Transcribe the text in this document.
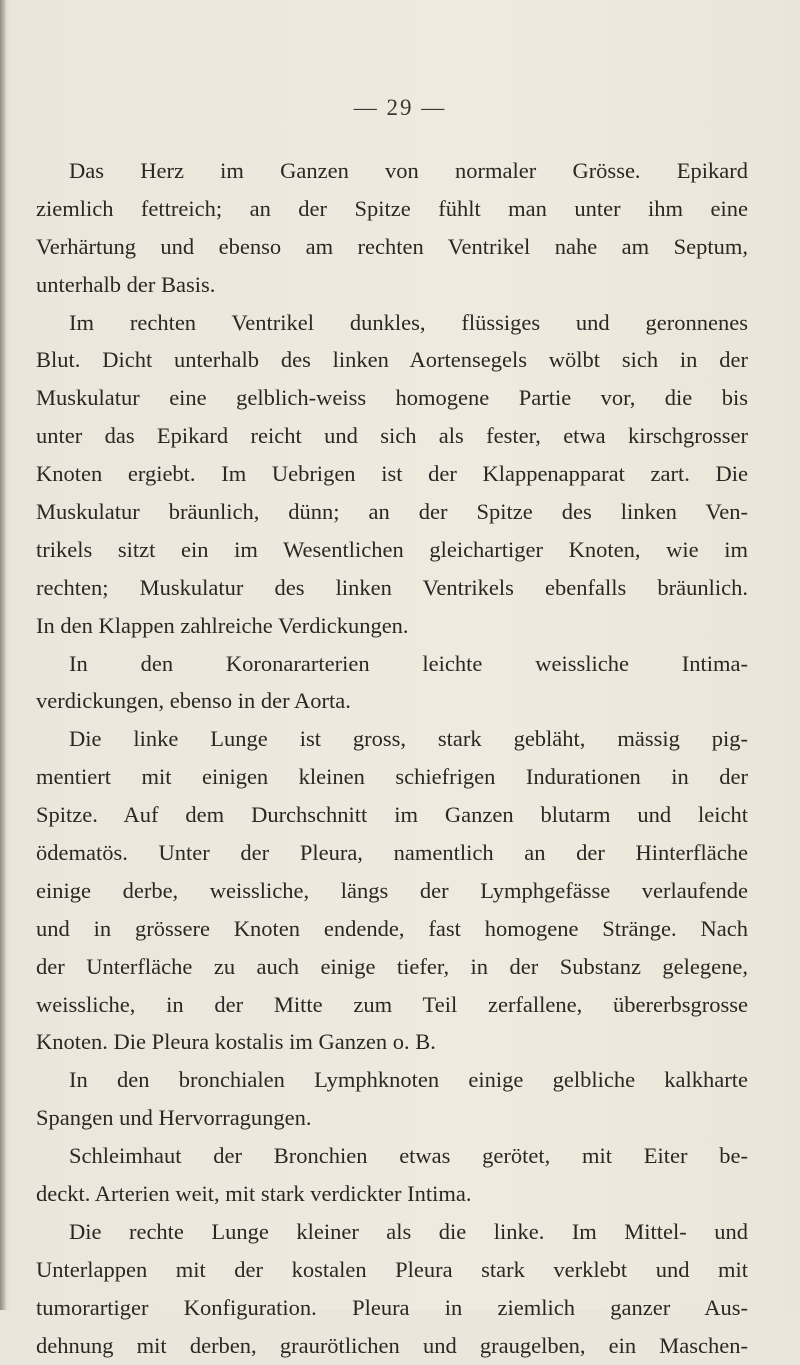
— 29 —
Das Herz im Ganzen von normaler Grösse. Epikard
ziemlich fettreich; an der Spitze fühlt man unter ihm eine
Verhärtung und ebenso am rechten Ventrikel nahe am Septum,
unterhalb der Basis.
Im rechten Ventrikel dunkles, flüssiges und geronnenes
Blut. Dicht unterhalb des linken Aortensegels wölbt sich in der
Muskulatur eine gelblich-weiss homogene Partie vor, die bis
unter das Epikard reicht und sich als fester, etwa kirschgrosser
Knoten ergiebt. Im Uebrigen ist der Klappenapparat zart. Die
Muskulatur bräunlich, dünn; an der Spitze des linken Ven-
trikels sitzt ein im Wesentlichen gleichartiger Knoten, wie im
rechten; Muskulatur des linken Ventrikels ebenfalls bräunlich.
In den Klappen zahlreiche Verdickungen.
In den Koronararterien leichte weissliche Intima-
verdickungen, ebenso in der Aorta.
Die linke Lunge ist gross, stark gebläht, mässig pig-
mentiert mit einigen kleinen schiefrigen Indurationen in der
Spitze. Auf dem Durchschnitt im Ganzen blutarm und leicht
ödematös. Unter der Pleura, namentlich an der Hinterfläche
einige derbe, weissliche, längs der Lymphgefässe verlaufende
und in grössere Knoten endende, fast homogene Stränge. Nach
der Unterfläche zu auch einige tiefer, in der Substanz gelegene,
weissliche, in der Mitte zum Teil zerfallene, übererbsgrosse
Knoten. Die Pleura kostalis im Ganzen o. B.
In den bronchialen Lymphknoten einige gelbliche kalkharte
Spangen und Hervorragungen.
Schleimhaut der Bronchien etwas gerötet, mit Eiter be-
deckt. Arterien weit, mit stark verdickter Intima.
Die rechte Lunge kleiner als die linke. Im Mittel- und
Unterlappen mit der kostalen Pleura stark verklebt und mit
tumorartiger Konfiguration. Pleura in ziemlich ganzer Aus-
dehnung mit derben, graurötlichen und graugelben, ein Maschen-
